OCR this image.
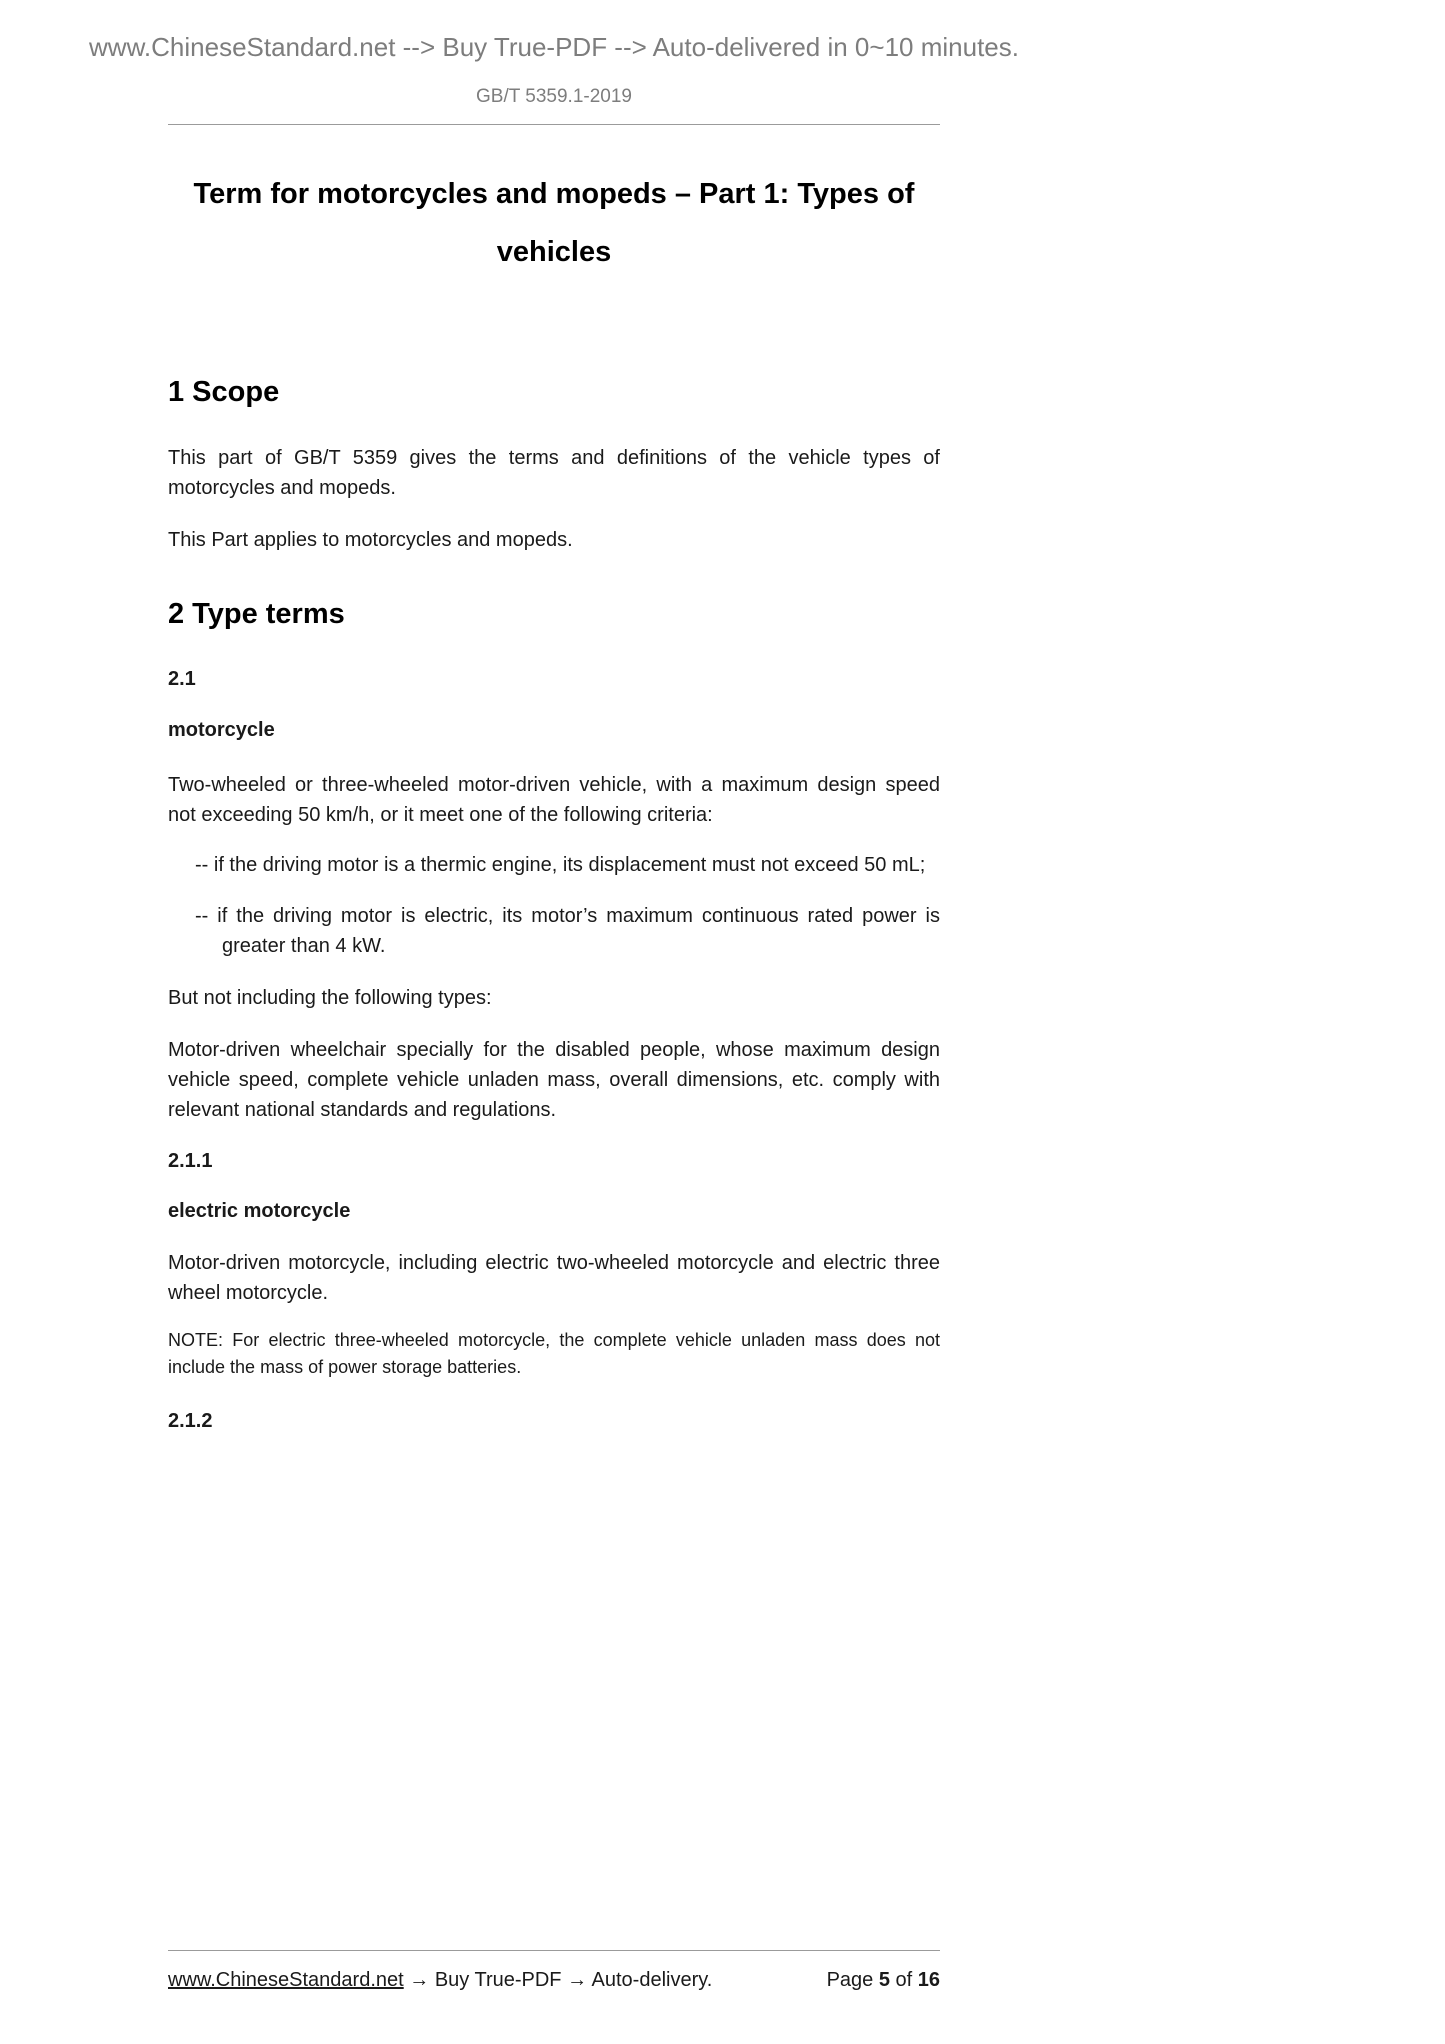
www.ChineseStandard.net --> Buy True-PDF --> Auto-delivered in 0~10 minutes.
GB/T 5359.1-2019
Term for motorcycles and mopeds – Part 1: Types of vehicles
1 Scope

This part of GB/T 5359 gives the terms and definitions of the vehicle types of motorcycles and mopeds.

This Part applies to motorcycles and mopeds.

2 Type terms

2.1

motorcycle

Two-wheeled or three-wheeled motor-driven vehicle, with a maximum design speed not exceeding 50 km/h, or it meet one of the following criteria:

-- if the driving motor is a thermic engine, its displacement must not exceed 50 mL;

-- if the driving motor is electric, its motor’s maximum continuous rated power is greater than 4 kW.

But not including the following types:

Motor-driven wheelchair specially for the disabled people, whose maximum design vehicle speed, complete vehicle unladen mass, overall dimensions, etc. comply with relevant national standards and regulations.

2.1.1

electric motorcycle

Motor-driven motorcycle, including electric two-wheeled motorcycle and electric three wheel motorcycle.

NOTE: For electric three-wheeled motorcycle, the complete vehicle unladen mass does not include the mass of power storage batteries.

2.1.2

www.ChineseStandard.net → Buy True-PDF → Auto-delivery.	Page 5 of 16
